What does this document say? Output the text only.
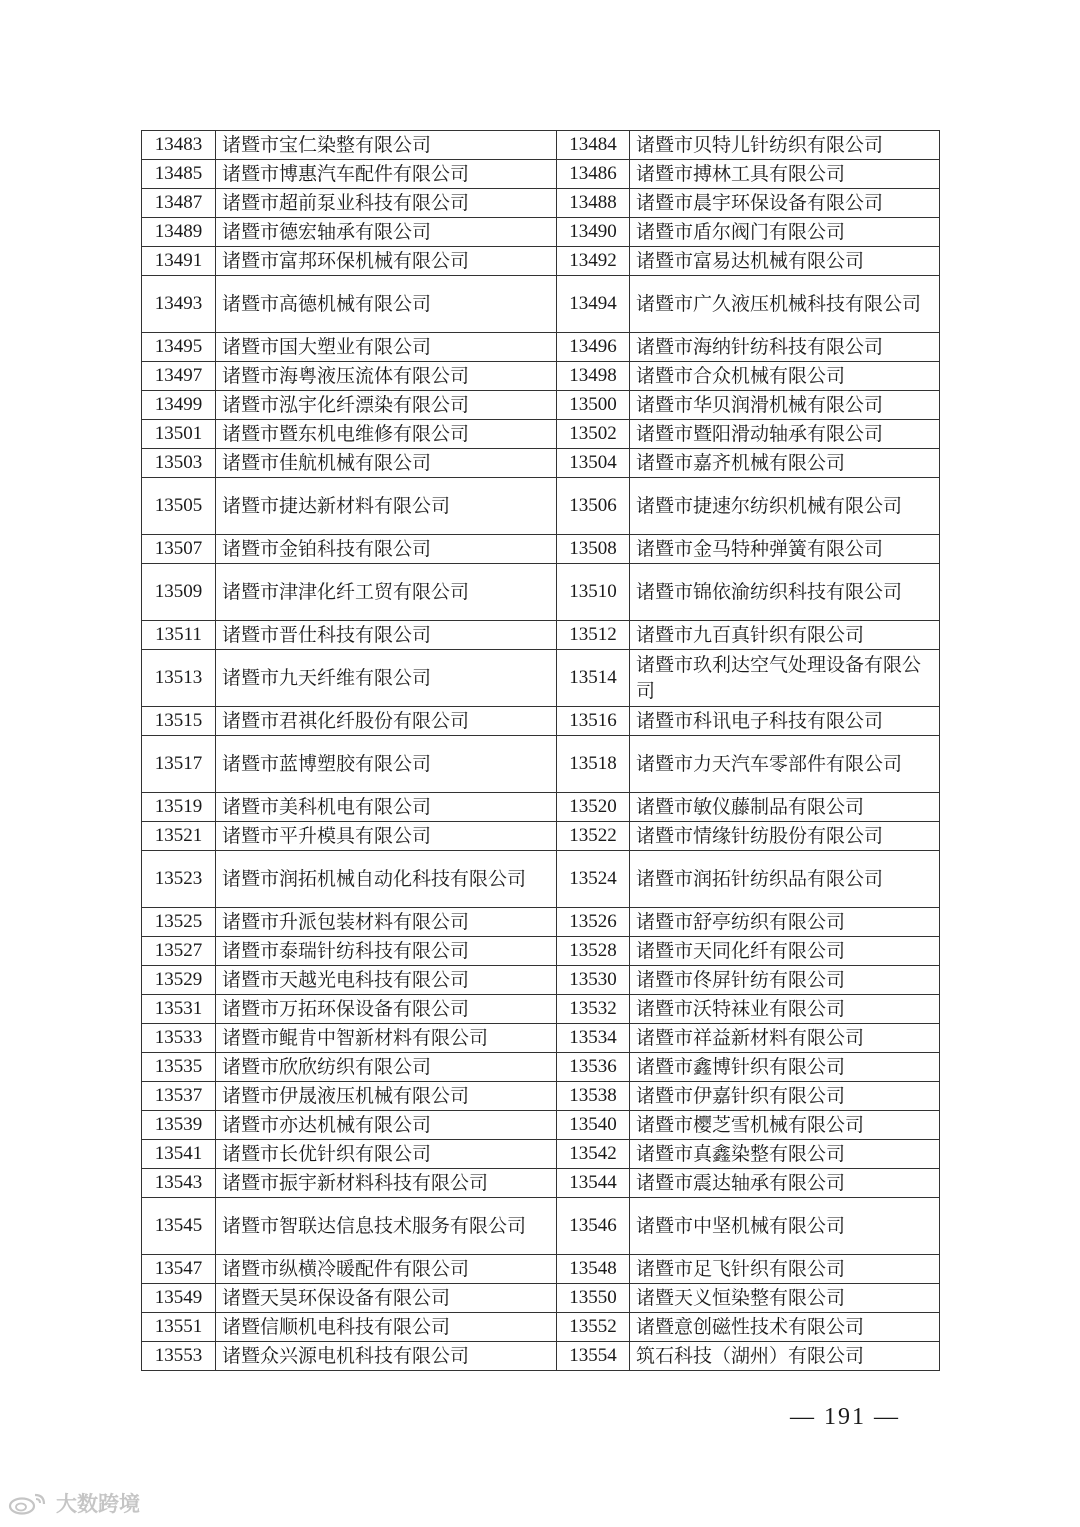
13483	诸暨市宝仁染整有限公司	13484	诸暨市贝特儿针纺织有限公司
13485	诸暨市博惠汽车配件有限公司	13486	诸暨市搏林工具有限公司
13487	诸暨市超前泵业科技有限公司	13488	诸暨市晨宇环保设备有限公司
13489	诸暨市德宏轴承有限公司	13490	诸暨市盾尔阀门有限公司
13491	诸暨市富邦环保机械有限公司	13492	诸暨市富易达机械有限公司
13493	诸暨市高德机械有限公司	13494	诸暨市广久液压机械科技有限公司
13495	诸暨市国大塑业有限公司	13496	诸暨市海纳针纺科技有限公司
13497	诸暨市海粤液压流体有限公司	13498	诸暨市合众机械有限公司
13499	诸暨市泓宇化纤漂染有限公司	13500	诸暨市华贝润滑机械有限公司
13501	诸暨市暨东机电维修有限公司	13502	诸暨市暨阳滑动轴承有限公司
13503	诸暨市佳航机械有限公司	13504	诸暨市嘉齐机械有限公司
13505	诸暨市捷达新材料有限公司	13506	诸暨市捷速尔纺织机械有限公司
13507	诸暨市金铂科技有限公司	13508	诸暨市金马特种弹簧有限公司
13509	诸暨市津津化纤工贸有限公司	13510	诸暨市锦依渝纺织科技有限公司
13511	诸暨市晋仕科技有限公司	13512	诸暨市九百真针织有限公司
13513	诸暨市九天纤维有限公司	13514	诸暨市玖利达空气处理设备有限公司
13515	诸暨市君祺化纤股份有限公司	13516	诸暨市科讯电子科技有限公司
13517	诸暨市蓝博塑胶有限公司	13518	诸暨市力天汽车零部件有限公司
13519	诸暨市美科机电有限公司	13520	诸暨市敏仪藤制品有限公司
13521	诸暨市平升模具有限公司	13522	诸暨市情缘针纺股份有限公司
13523	诸暨市润拓机械自动化科技有限公司	13524	诸暨市润拓针纺织品有限公司
13525	诸暨市升派包装材料有限公司	13526	诸暨市舒亭纺织有限公司
13527	诸暨市泰瑞针纺科技有限公司	13528	诸暨市天同化纤有限公司
13529	诸暨市天越光电科技有限公司	13530	诸暨市佟屏针纺有限公司
13531	诸暨市万拓环保设备有限公司	13532	诸暨市沃特袜业有限公司
13533	诸暨市鲲肯中智新材料有限公司	13534	诸暨市祥益新材料有限公司
13535	诸暨市欣欣纺织有限公司	13536	诸暨市鑫博针织有限公司
13537	诸暨市伊晟液压机械有限公司	13538	诸暨市伊嘉针织有限公司
13539	诸暨市亦达机械有限公司	13540	诸暨市樱芝雪机械有限公司
13541	诸暨市长优针织有限公司	13542	诸暨市真鑫染整有限公司
13543	诸暨市振宇新材料科技有限公司	13544	诸暨市震达轴承有限公司
13545	诸暨市智联达信息技术服务有限公司	13546	诸暨市中坚机械有限公司
13547	诸暨市纵横冷暖配件有限公司	13548	诸暨市足飞针织有限公司
13549	诸暨天昊环保设备有限公司	13550	诸暨天义恒染整有限公司
13551	诸暨信顺机电科技有限公司	13552	诸暨意创磁性技术有限公司
13553	诸暨众兴源电机科技有限公司	13554	筑石科技（湖州）有限公司
— 191 —
大数跨境
